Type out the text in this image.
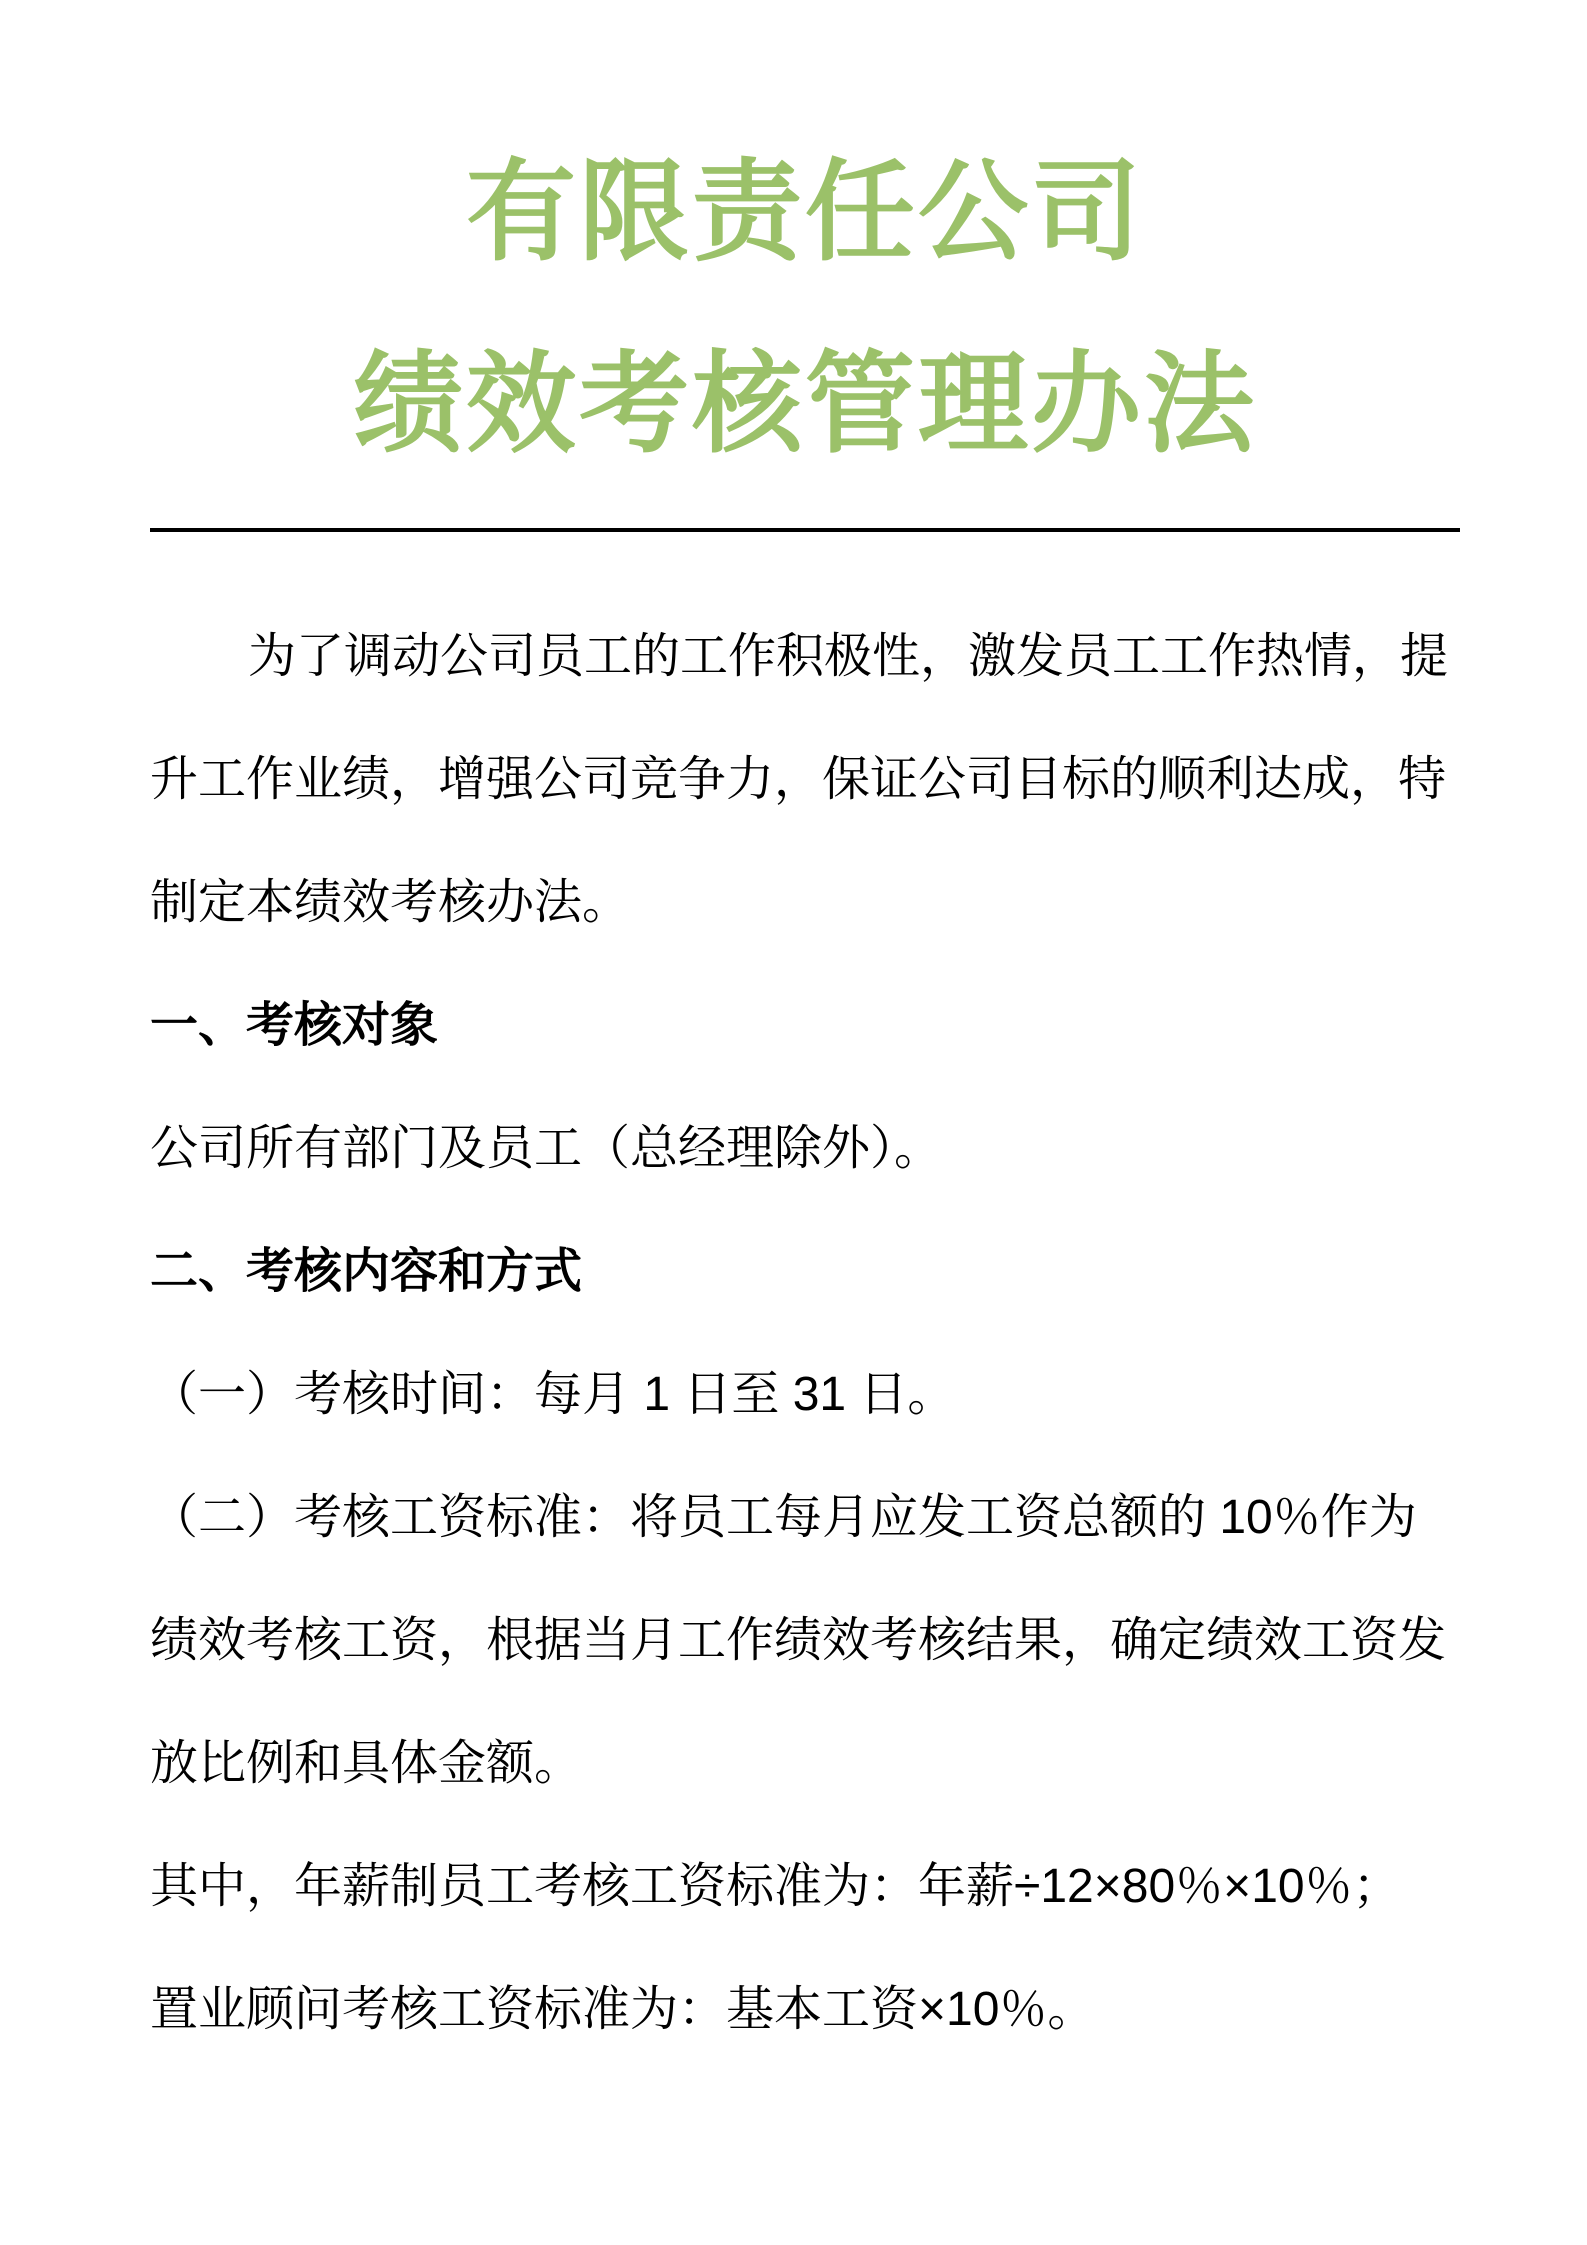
有限责任公司
绩效考核管理办法
为了调动公司员工的工作积极性，激发员工工作热情，提
升工作业绩，增强公司竞争力，保证公司目标的顺利达成，特
制定本绩效考核办法。
一、考核对象
公司所有部门及员工（总经理除外）。
二、考核内容和方式
（一）考核时间：每月 1 日至 31 日。
（二）考核工资标准：将员工每月应发工资总额的 10％作为
绩效考核工资，根据当月工作绩效考核结果，确定绩效工资发
放比例和具体金额。
其中，年薪制员工考核工资标准为：年薪÷12×80％×10％；
置业顾问考核工资标准为：基本工资×10％。
